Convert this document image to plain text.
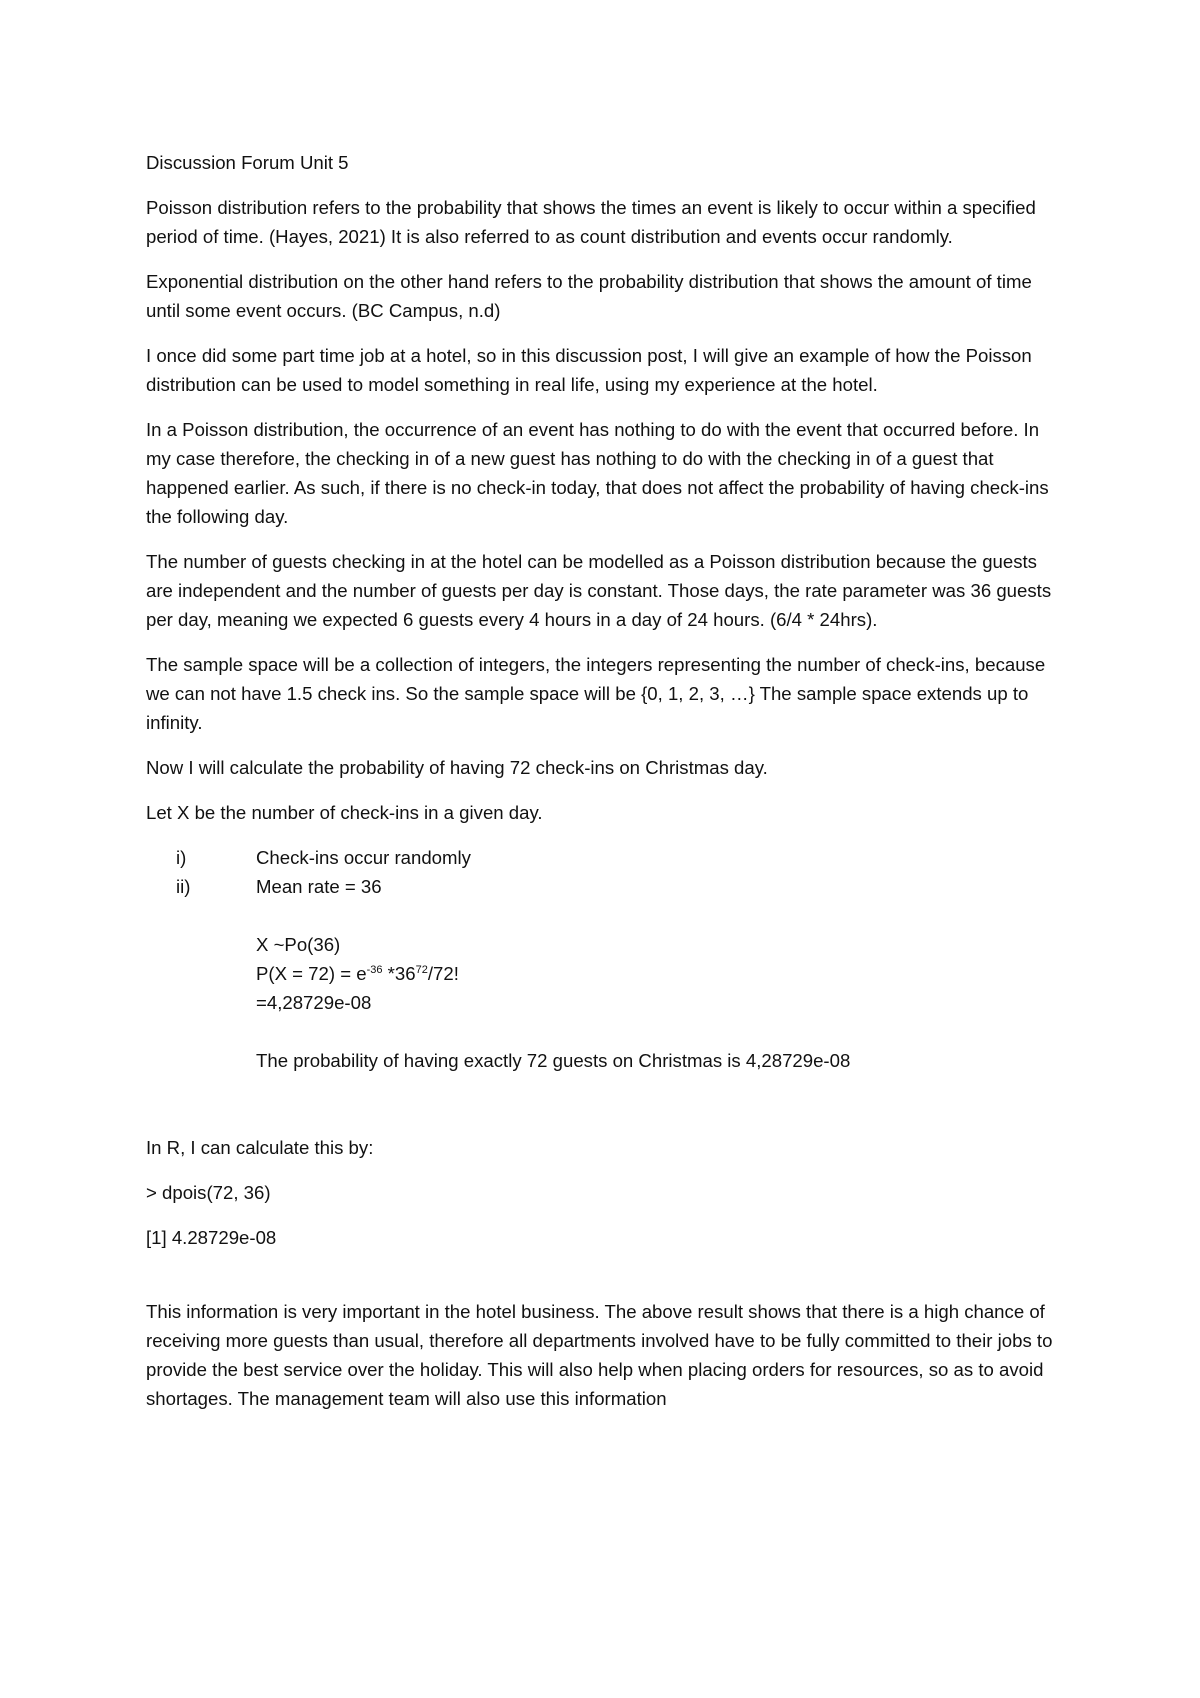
Discussion Forum Unit 5
Poisson distribution refers to the probability that shows the times an event is likely to occur within a specified period of time. (Hayes, 2021) It is also referred to as count distribution and events occur randomly.
Exponential distribution on the other hand refers to the probability distribution that shows the amount of time until some event occurs. (BC Campus, n.d)
I once did some part time job at a hotel, so in this discussion post, I will give an example of how the Poisson distribution can be used to model something in real life, using my experience at the hotel.
In a Poisson distribution, the occurrence of an event has nothing to do with the event that occurred before. In my case therefore, the checking in of a new guest has nothing to do with the checking in of a guest that happened earlier. As such, if there is no check-in today, that does not affect the probability of having check-ins the following day.
The number of guests checking in at the hotel can be modelled as a Poisson distribution because the guests are independent and the number of guests per day is constant. Those days, the rate parameter was 36 guests per day, meaning we expected 6 guests every 4 hours in a day of 24 hours. (6/4 * 24hrs).
The sample space will be a collection of integers, the integers representing the number of check-ins, because we can not have 1.5 check ins. So the sample space will be {0, 1, 2, 3, …} The sample space extends up to infinity.
Now I will calculate the probability of having 72 check-ins on Christmas day.
Let X be the number of check-ins in a given day.
i)	Check-ins occur randomly
ii)	Mean rate = 36
X ~Po(36)
$P(X = 72) = e^{-36}$ $*36^{72}/72$!
=4,28729e-08
The probability of having exactly 72 guests on Christmas is 4,28729e-08
In R, I can calculate this by:
> dpois(72, 36)
[1] 4.28729e-08
This information is very important in the hotel business. The above result shows that there is a high chance of receiving more guests than usual, therefore all departments involved have to be fully committed to their jobs to provide the best service over the holiday. This will also help when placing orders for resources, so as to avoid shortages. The management team will also use this information
